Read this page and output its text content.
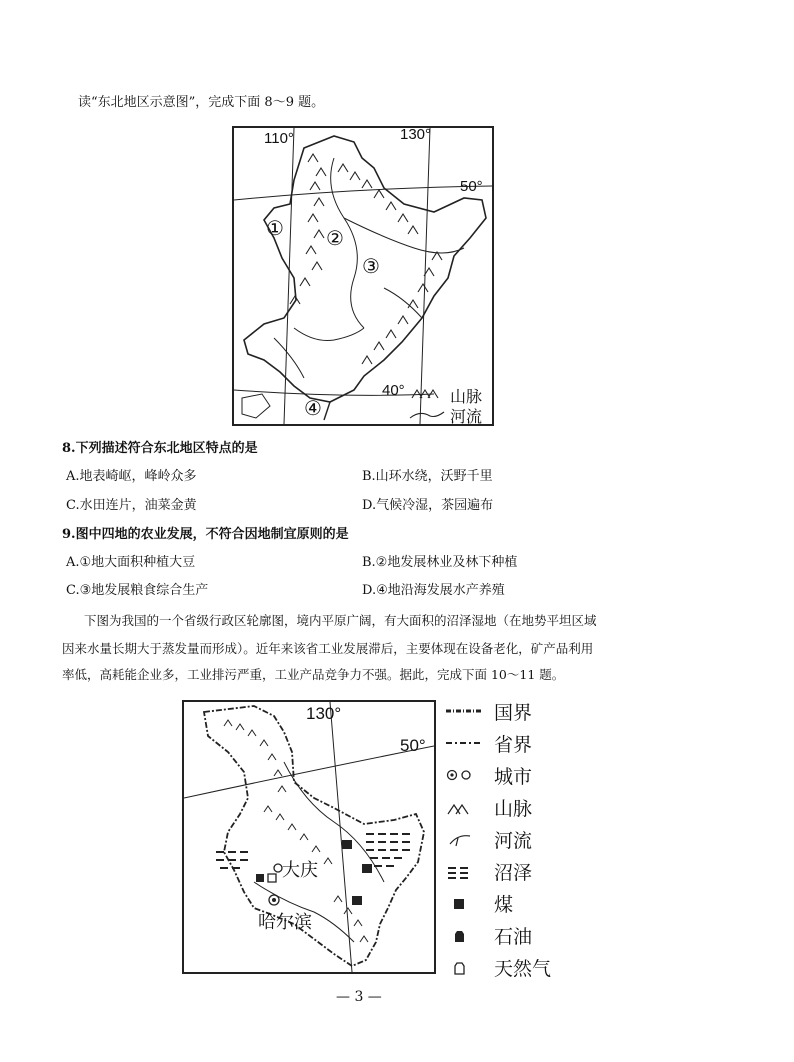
读“东北地区示意图”，完成下面 8～9 题。
110°	130°
50°
40°
① ②
③
④
山脉
河流
8.下列描述符合东北地区特点的是
A.地表崎岖，峰岭众多	B.山环水绕，沃野千里
C.水田连片，油菜金黄	D.气候冷湿，茶园遍布
9.图中四地的农业发展，不符合因地制宜原则的是
A.①地大面积种植大豆	B.②地发展林业及林下种植
C.③地发展粮食综合生产	D.④地沿海发展水产养殖
下图为我国的一个省级行政区轮廓图，境内平原广阔，有大面积的沼泽湿地（在地势平坦区域
因来水量长期大于蒸发量而形成）。近年来该省工业发展滞后，主要体现在设备老化，矿产品利用
率低，高耗能企业多，工业排污严重，工业产品竞争力不强。据此，完成下面 10～11 题。
130°
50°
大庆
哈尔滨
国界
省界
城市
山脉
河流
沼泽
煤
石油
天然气
— 3 —
